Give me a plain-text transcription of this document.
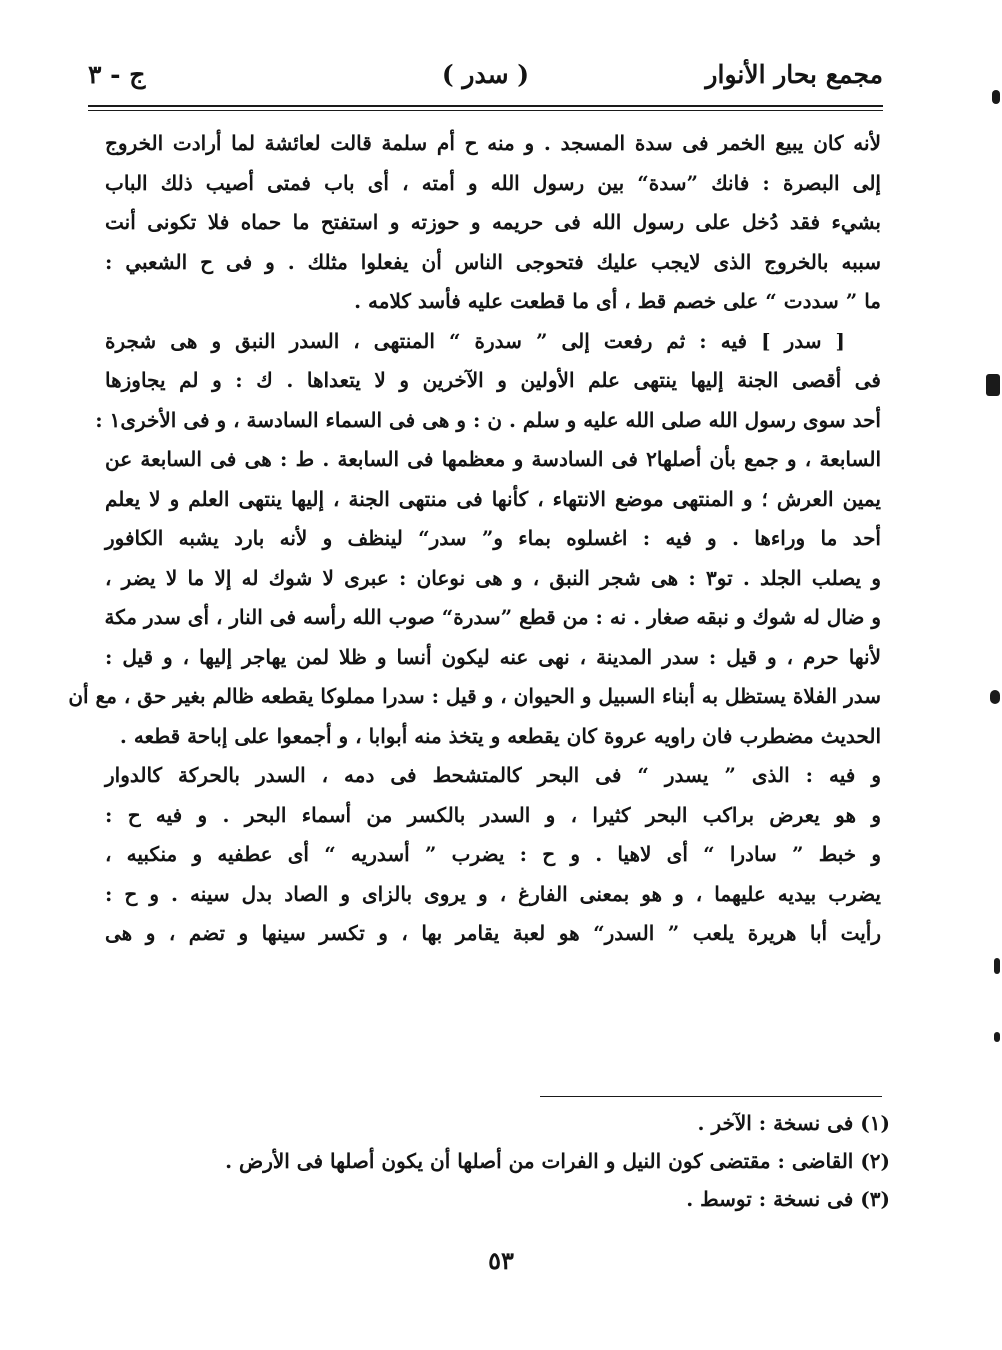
مجمع بحار الأنوار
( سدر )
ج - ٣
لأنه كان يبيع الخمر فى سدة المسجد . و منه ح أم سلمة قالت لعائشة لما أرادت الخروج
إلى البصرة : فانك ”سدة“ بين رسول الله و أمته ، أى باب فمتى أصيب ذلك الباب
بشيء فقد دُخل على رسول الله فى حريمه و حوزته و استفتح ما حماه فلا تكونى أنت
سببه بالخروج الذى لايجب عليك فتحوجى الناس أن يفعلوا مثلك . و فى ح الشعبي :
ما ” سددت “ على خصم قط ، أى ما قطعت عليه فأسد كلامه .
[ سدر ] فيه : ثم رفعت إلى ” سدرة “ المنتهى ، السدر النبق و هى شجرة
فى أقصى الجنة إليها ينتهى علم الأولين و الآخرين و لا يتعداها . ك : و لم يجاوزها
أحد سوى رسول الله صلى الله عليه و سلم . ن : و هى فى السماء السادسة ، و فى الأخرى١ :
السابعة ، و جمع بأن أصلها٢ فى السادسة و معظمها فى السابعة . ط : هى فى السابعة عن
يمين العرش ؛ و المنتهى موضع الانتهاء ، كأنها فى منتهى الجنة ، إليها ينتهى العلم و لا يعلم
أحد ما وراءها . و فيه : اغسلوه بماء و” سدر“ لينظف و لأنه بارد يشبه الكافور
و يصلب الجلد . تو٣ : هى شجر النبق ، و هى نوعان : عبرى لا شوك له إلا ما لا يضر ،
و ضال له شوك و نبقه صغار . نه : من قطع ”سدرة“ صوب الله رأسه فى النار ، أى سدر مكة
لأنها حرم ، و قيل : سدر المدينة ، نهى عنه ليكون أنسا و ظلا لمن يهاجر إليها ، و قيل :
سدر الفلاة يستظل به أبناء السبيل و الحيوان ، و قيل : سدرا مملوكا يقطعه ظالم بغير حق ، مع أن
الحديث مضطرب فان راويه عروة كان يقطعه و يتخذ منه أبوابا ، و أجمعوا على إباحة قطعه .
و فيه : الذى ” يسدر “ فى البحر كالمتشحط فى دمه ، السدر بالحركة كالدوار
و هو يعرض براكب البحر كثيرا ، و السدر بالكسر من أسماء البحر . و فيه ح :
و خبط ” سادرا “ أى لاهيا . و ح : يضرب ” أسدريه “ أى عطفيه و منكبيه ،
يضرب بيديه عليهما ، و هو بمعنى الفارغ ، و يروى بالزاى و الصاد بدل سينه . و ح :
رأيت أبا هريرة يلعب ” السدر“ هو لعبة يقامر بها ، و تكسر سينها و تضم ، و هى
(١) فى نسخة : الآخر .
(٢) القاضى : مقتضى كون النيل و الفرات من أصلها أن يكون أصلها فى الأرض .
(٣) فى نسخة : توسط .
٥٣
